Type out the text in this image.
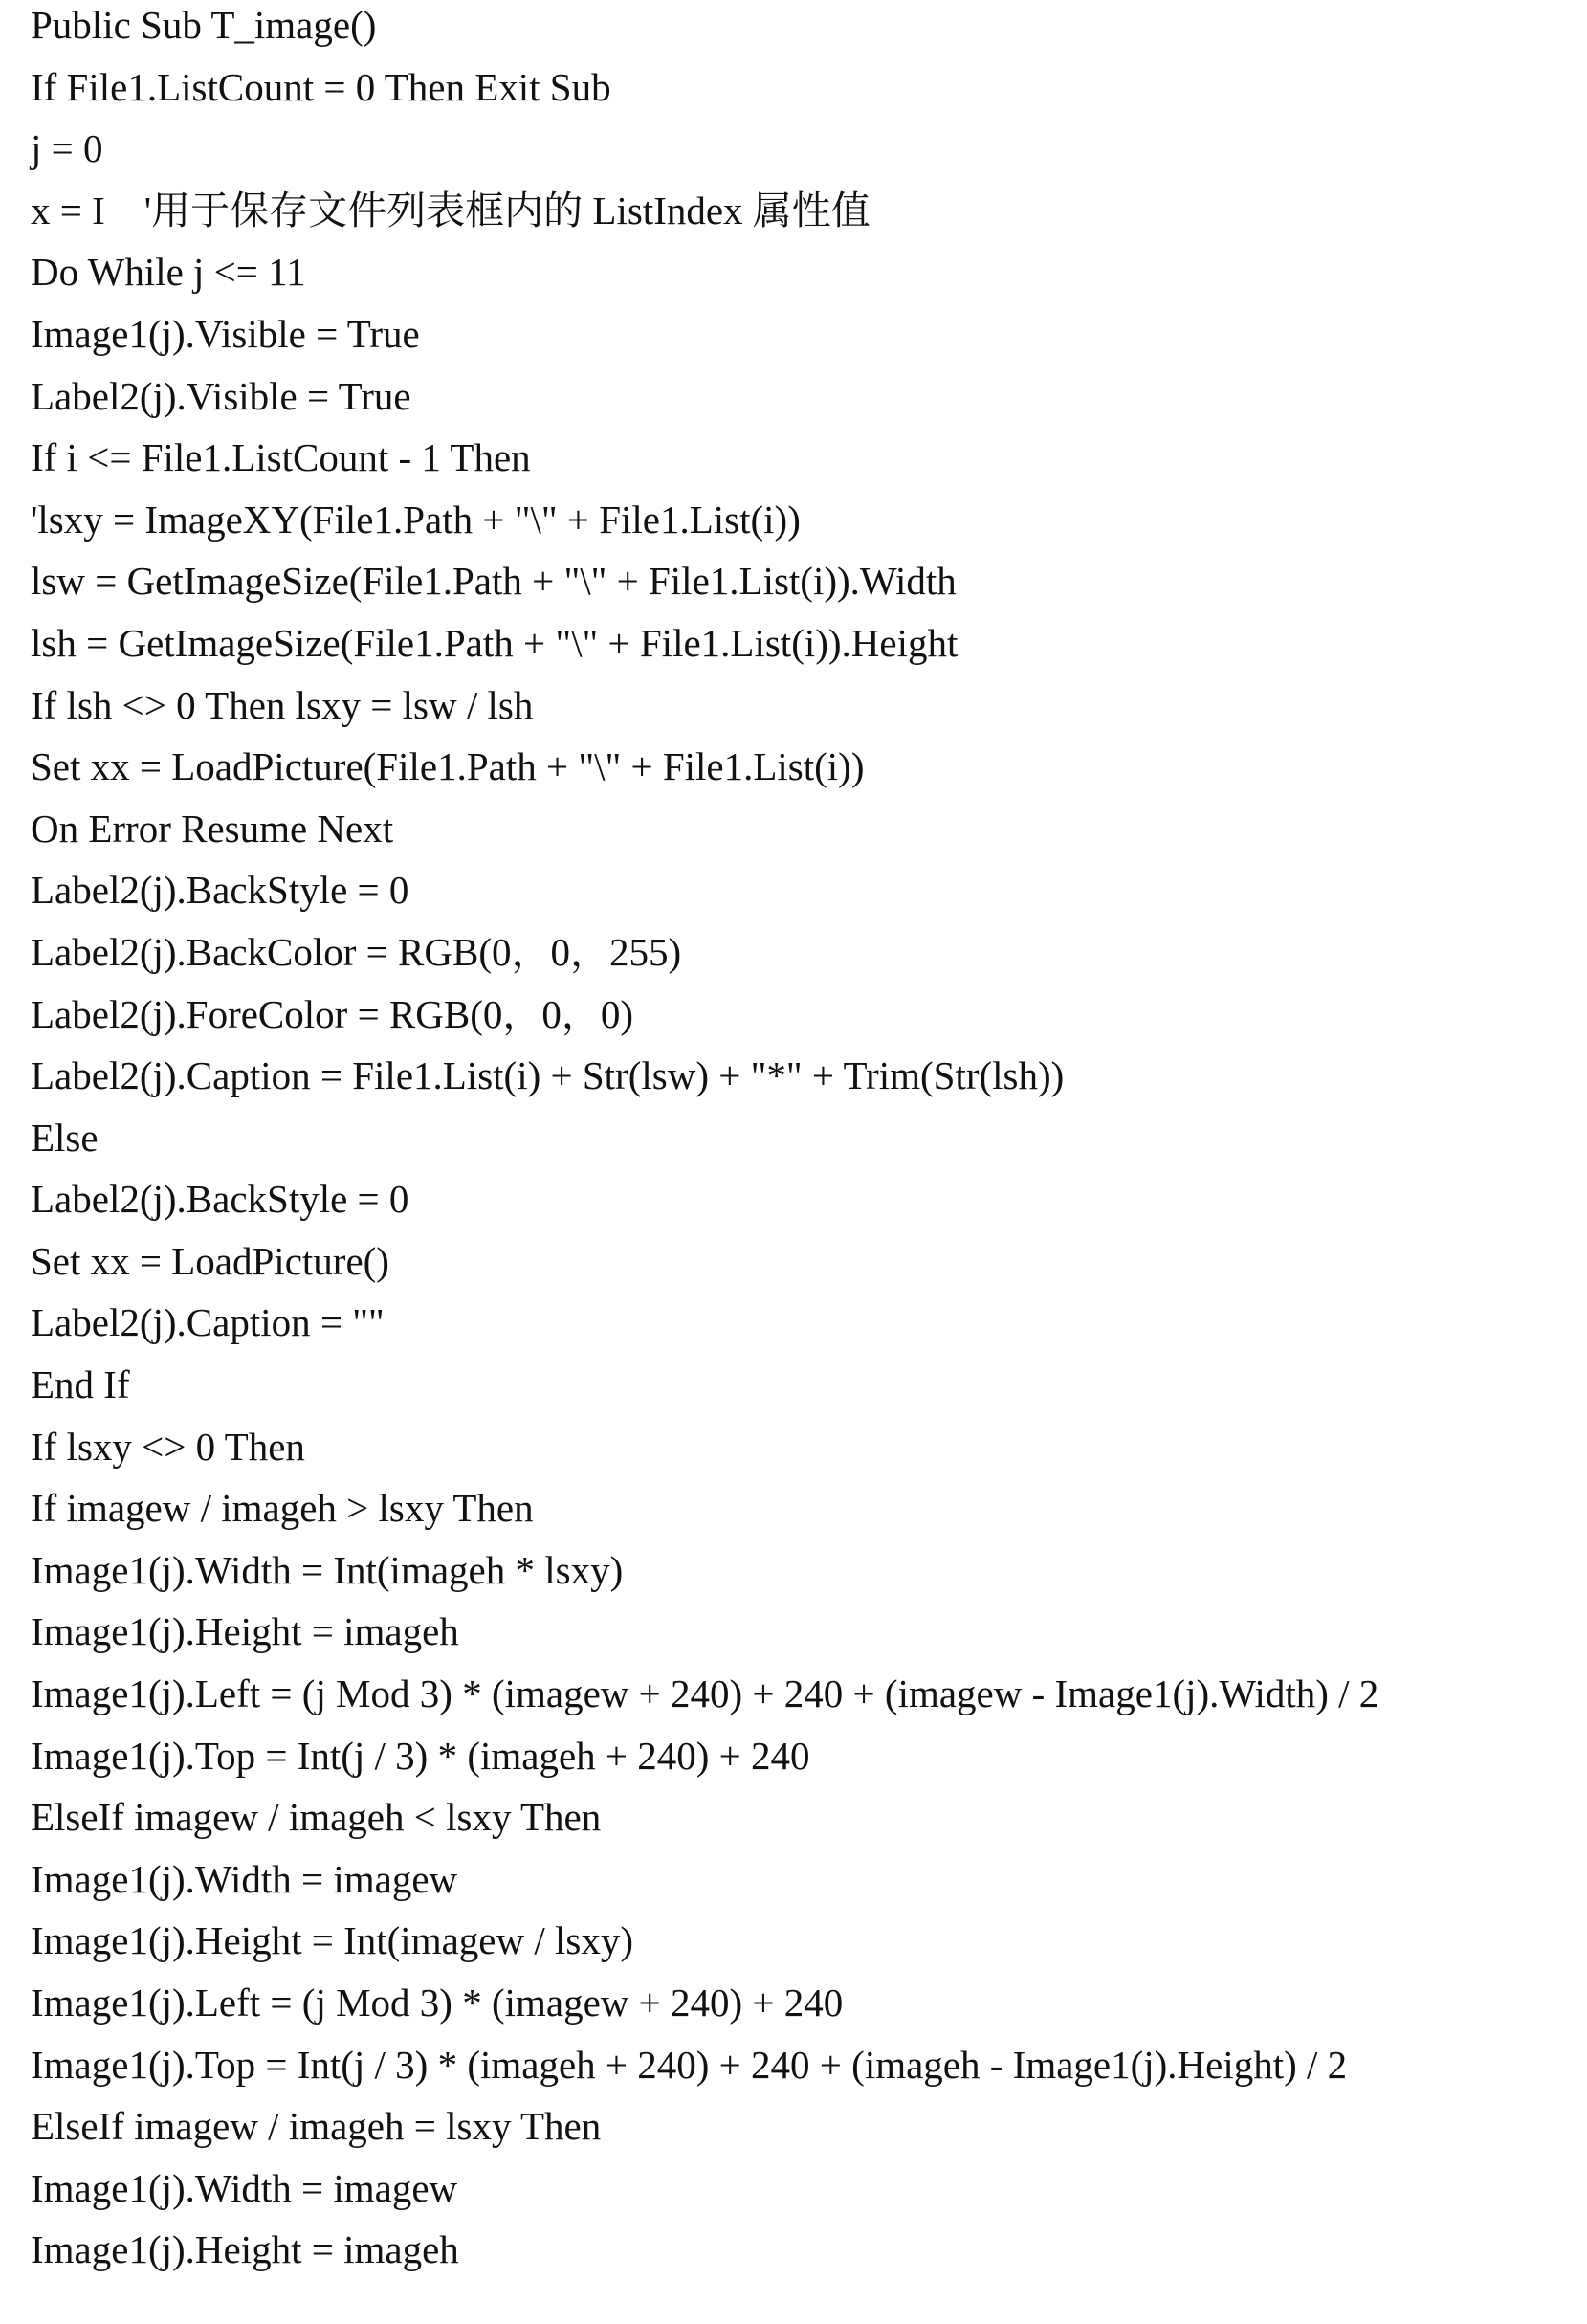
Public Sub T_image()
If File1.ListCount = 0 Then Exit Sub
j = 0
x = I    '用于保存文件列表框内的 ListIndex 属性值
Do While j <= 11
Image1(j).Visible = True
Label2(j).Visible = True
If i <= File1.ListCount - 1 Then
'lsxy = ImageXY(File1.Path + "\" + File1.List(i))
lsw = GetImageSize(File1.Path + "\" + File1.List(i)).Width
lsh = GetImageSize(File1.Path + "\" + File1.List(i)).Height
If lsh <> 0 Then lsxy = lsw / lsh
Set xx = LoadPicture(File1.Path + "\" + File1.List(i))
On Error Resume Next
Label2(j).BackStyle = 0
Label2(j).BackColor = RGB(0，0，255)
Label2(j).ForeColor = RGB(0，0，0)
Label2(j).Caption = File1.List(i) + Str(lsw) + "*" + Trim(Str(lsh))
Else
Label2(j).BackStyle = 0
Set xx = LoadPicture()
Label2(j).Caption = ""
End If
If lsxy <> 0 Then
If imagew / imageh > lsxy Then
Image1(j).Width = Int(imageh * lsxy)
Image1(j).Height = imageh
Image1(j).Left = (j Mod 3) * (imagew + 240) + 240 + (imagew - Image1(j).Width) / 2
Image1(j).Top = Int(j / 3) * (imageh + 240) + 240
ElseIf imagew / imageh < lsxy Then
Image1(j).Width = imagew
Image1(j).Height = Int(imagew / lsxy)
Image1(j).Left = (j Mod 3) * (imagew + 240) + 240
Image1(j).Top = Int(j / 3) * (imageh + 240) + 240 + (imageh - Image1(j).Height) / 2
ElseIf imagew / imageh = lsxy Then
Image1(j).Width = imagew
Image1(j).Height = imageh
